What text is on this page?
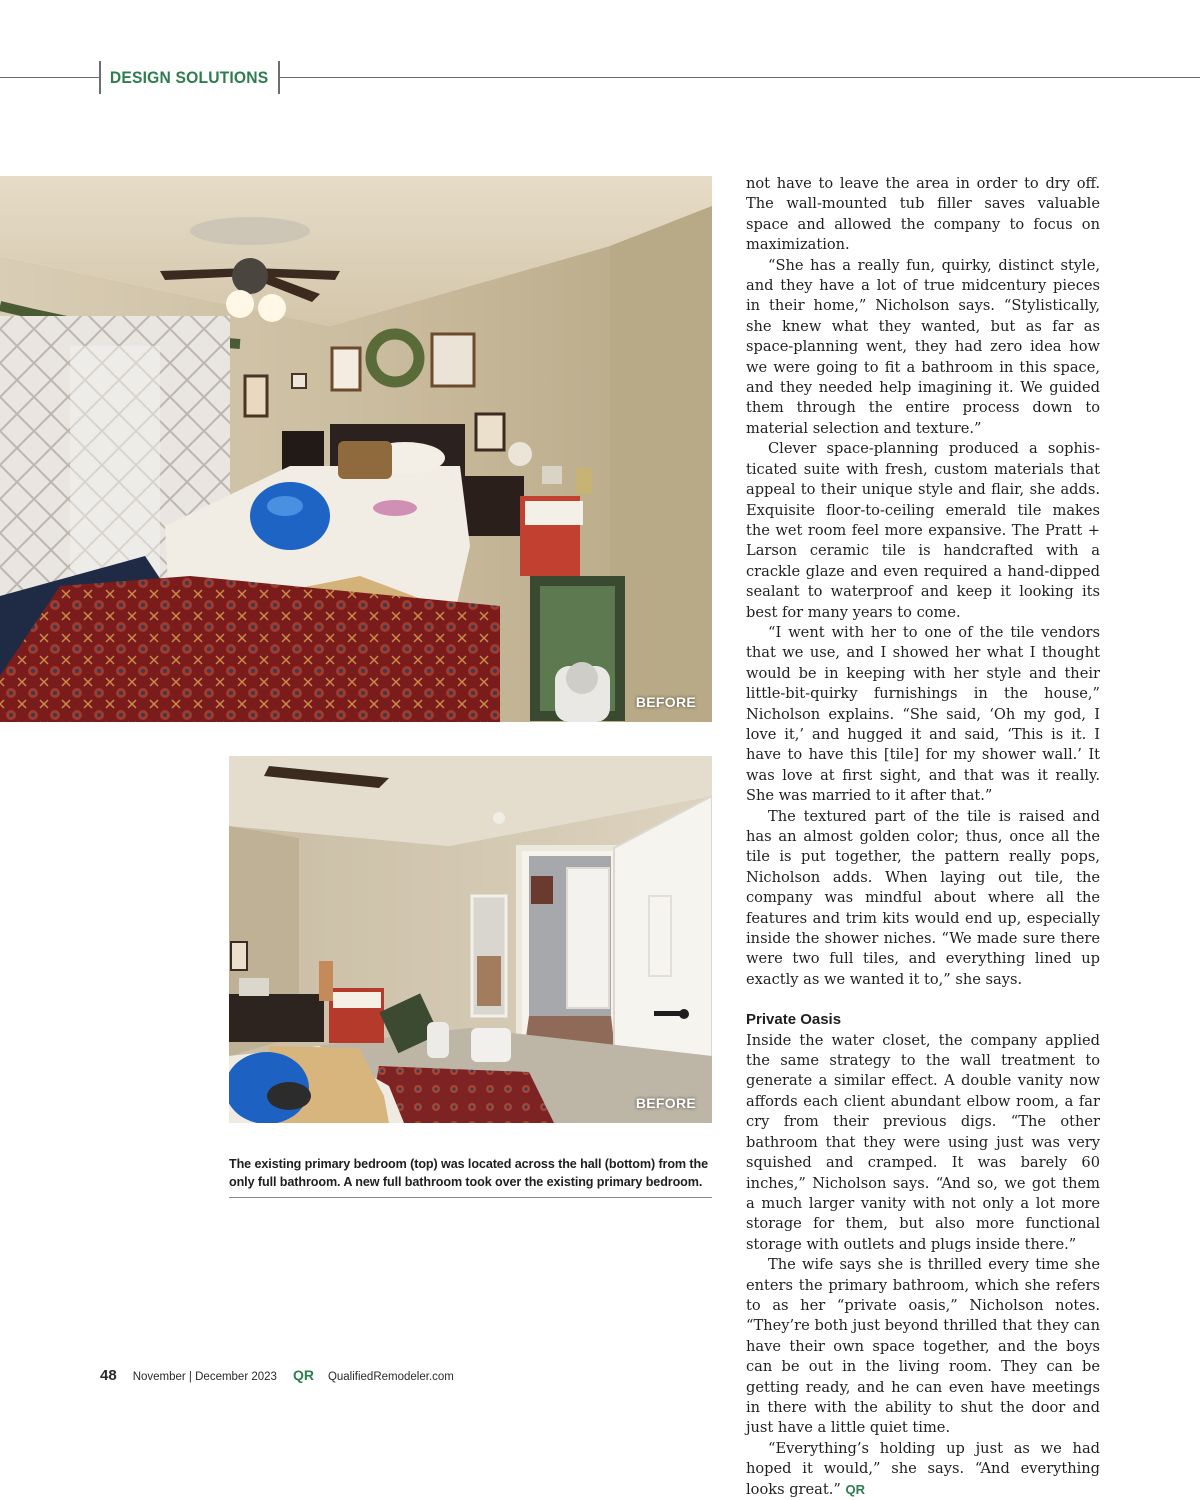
DESIGN SOLUTIONS
BEFORE
BEFORE
The existing primary bedroom (top) was located across the hall (bottom) from the only full bathroom. A new full bathroom took over the existing primary bedroom.

not have to leave the area in order to dry off. The wall-mounted tub filler saves valuable space and allowed the company to focus on maximization.

“She has a really fun, quirky, distinct style, and they have a lot of true midcentury pieces in their home,” Nicholson says. “Stylistically, she knew what they wanted, but as far as space-planning went, they had zero idea how we were going to fit a bathroom in this space, and they needed help imagining it. We guided them through the entire process down to material selection and texture.”

Clever space-planning produced a sophisticated suite with fresh, custom materials that appeal to their unique style and flair, she adds. Exquisite floor-to-ceiling emerald tile makes the wet room feel more expansive. The Pratt + Larson ceramic tile is handcrafted with a crackle glaze and even required a hand-dipped sealant to waterproof and keep it looking its best for many years to come.

“I went with her to one of the tile vendors that we use, and I showed her what I thought would be in keeping with her style and their little-bit-quirky furnishings in the house,” Nicholson explains. “She said, ‘Oh my god, I love it,’ and hugged it and said, ‘This is it. I have to have this [tile] for my shower wall.’ It was love at first sight, and that was it really. She was married to it after that.”

The textured part of the tile is raised and has an almost golden color; thus, once all the tile is put together, the pattern really pops, Nicholson adds. When laying out tile, the company was mindful about where all the features and trim kits would end up, especially inside the shower niches. “We made sure there were two full tiles, and everything lined up exactly as we wanted it to,” she says.

Private Oasis

Inside the water closet, the company applied the same strategy to the wall treatment to generate a similar effect. A double vanity now affords each client abundant elbow room, a far cry from their previous digs. “The other bathroom that they were using just was very squished and cramped. It was barely 60 inches,” Nicholson says. “And so, we got them a much larger vanity with not only a lot more storage for them, but also more functional storage with outlets and plugs inside there.”

The wife says she is thrilled every time she enters the primary bathroom, which she refers to as her “private oasis,” Nicholson notes. “They’re both just beyond thrilled that they can have their own space together, and the boys can be out in the living room. They can be getting ready, and he can even have meetings in there with the ability to shut the door and just have a little quiet time.

“Everything’s holding up just as we had hoped it would,” she says. “And everything looks great.” QR

48 November | December 2023 QR QualifiedRemodeler.com
